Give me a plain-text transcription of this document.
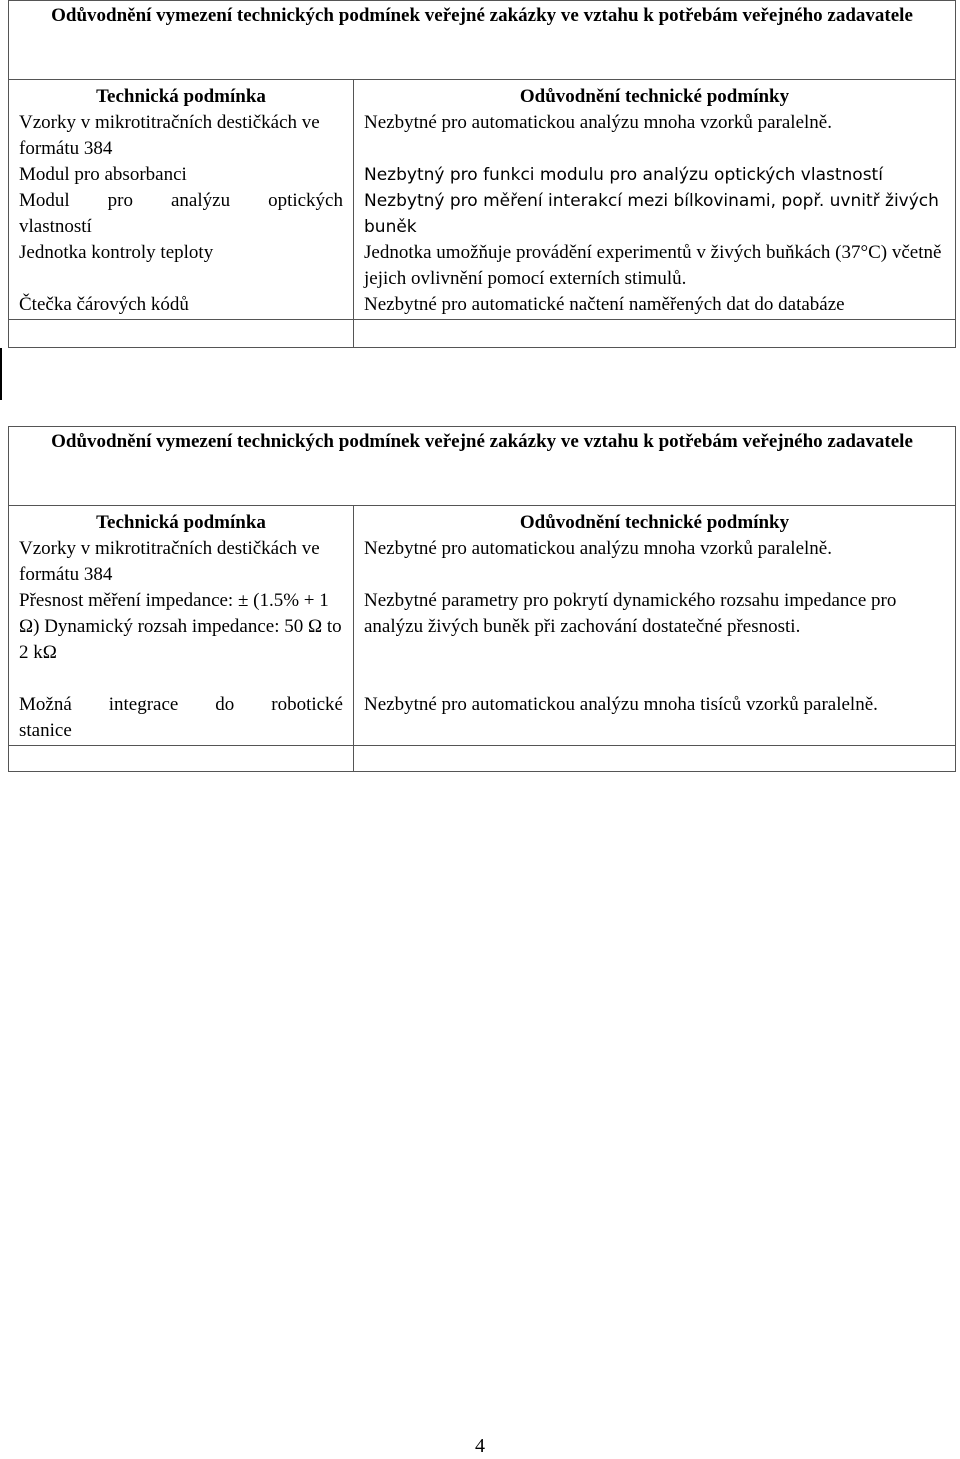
Odůvodnění vymezení technických podmínek veřejné zakázky ve vztahu k potřebám veřejného zadavatele
Technická podmínka
Vzorky v mikrotitračních destičkách ve formátu 384
Modul pro absorbanci
Modul pro analýzu optických
vlastností
Jednotka kontroly teploty
Čtečka čárových kódů
Odůvodnění technické podmínky
Nezbytné pro automatickou analýzu mnoha vzorků paralelně.
Nezbytný pro funkci modulu pro analýzu optických vlastností
Nezbytný pro měření interakcí mezi bílkovinami, popř. uvnitř živých buněk
Jednotka umožňuje provádění experimentů v živých buňkách (37°C) včetně jejich ovlivnění pomocí externích stimulů.
Nezbytné pro automatické načtení naměřených dat do databáze
Odůvodnění vymezení technických podmínek veřejné zakázky ve vztahu k potřebám veřejného zadavatele
Technická podmínka
Vzorky v mikrotitračních destičkách ve formátu 384
Přesnost měření impedance: ± (1.5% + 1 Ω) Dynamický rozsah impedance: 50 Ω to 2 kΩ
Možná integrace do robotické
stanice
Odůvodnění technické podmínky
Nezbytné pro automatickou analýzu mnoha vzorků paralelně.
Nezbytné parametry pro pokrytí dynamického rozsahu impedance pro analýzu živých buněk při zachování dostatečné přesnosti.
Nezbytné pro automatickou analýzu mnoha tisíců vzorků paralelně.
4
